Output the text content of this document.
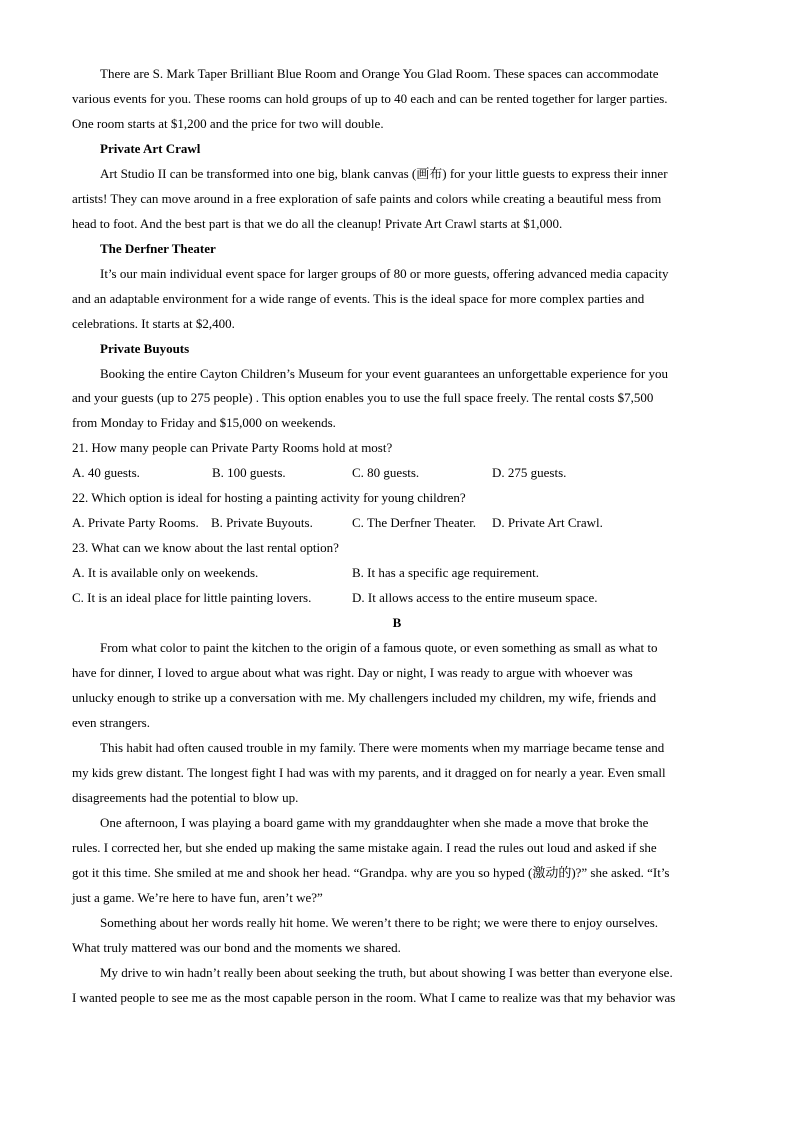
There are S. Mark Taper Brilliant Blue Room and Orange You Glad Room. These spaces can accommodate
various events for you. These rooms can hold groups of up to 40 each and can be rented together for larger parties.
One room starts at $1,200 and the price for two will double.
Private Art Crawl
Art Studio II can be transformed into one big, blank canvas (画布) for your little guests to express their inner
artists! They can move around in a free exploration of safe paints and colors while creating a beautiful mess from
head to foot. And the best part is that we do all the cleanup! Private Art Crawl starts at $1,000.
The Derfner Theater
It’s our main individual event space for larger groups of 80 or more guests, offering advanced media capacity
and an adaptable environment for a wide range of events. This is the ideal space for more complex parties and
celebrations. It starts at $2,400.
Private Buyouts
Booking the entire Cayton Children’s Museum for your event guarantees an unforgettable experience for you
and your guests (up to 275 people) . This option enables you to use the full space freely. The rental costs $7,500
from Monday to Friday and $15,000 on weekends.
21. How many people can Private Party Rooms hold at most?
A. 40 guests.	B. 100 guests.	C. 80 guests.	D. 275 guests.
22. Which option is ideal for hosting a painting activity for young children?
A. Private Party Rooms. B. Private Buyouts.	C. The Derfner Theater. D. Private Art Crawl.
23. What can we know about the last rental option?
A. It is available only on weekends.	B. It has a specific age requirement.
C. It is an ideal place for little painting lovers.	D. It allows access to the entire museum space.
B
From what color to paint the kitchen to the origin of a famous quote, or even something as small as what to
have for dinner, I loved to argue about what was right. Day or night, I was ready to argue with whoever was
unlucky enough to strike up a conversation with me. My challengers included my children, my wife, friends and
even strangers.
This habit had often caused trouble in my family. There were moments when my marriage became tense and
my kids grew distant. The longest fight I had was with my parents, and it dragged on for nearly a year. Even small
disagreements had the potential to blow up.
One afternoon, I was playing a board game with my granddaughter when she made a move that broke the
rules. I corrected her, but she ended up making the same mistake again. I read the rules out loud and asked if she
got it this time. She smiled at me and shook her head. “Grandpa. why are you so hyped (激动的)?” she asked. “It’s
just a game. We’re here to have fun, aren’t we?”
Something about her words really hit home. We weren’t there to be right; we were there to enjoy ourselves.
What truly mattered was our bond and the moments we shared.
My drive to win hadn’t really been about seeking the truth, but about showing I was better than everyone else.
I wanted people to see me as the most capable person in the room. What I came to realize was that my behavior was
